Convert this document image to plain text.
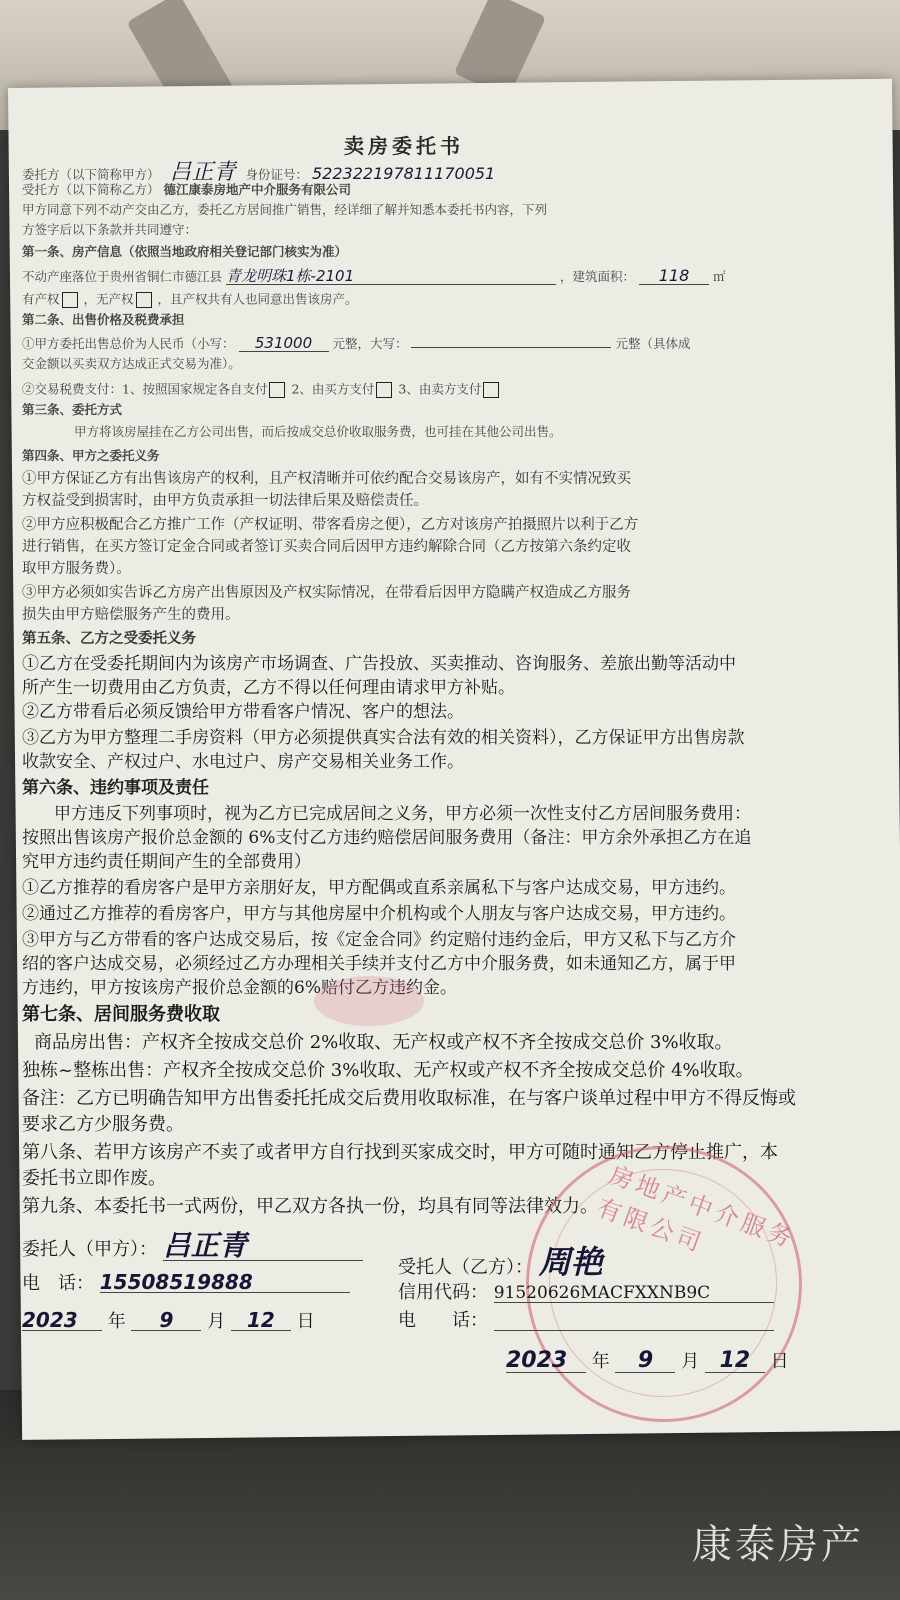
卖房委托书
委托方（以下简称甲方） 吕正青 身份证号： 522322197811170051
受托方（以下简称乙方） 德江康泰房地产中介服务有限公司
甲方同意下列不动产交由乙方，委托乙方居间推广销售，经详细了解并知悉本委托书内容，下列
方签字后以下条款并共同遵守：
第一条、房产信息（依照当地政府相关登记部门核实为准）
不动产座落位于贵州省铜仁市德江县 青龙明珠1栋-2101	，建筑面积： 118 ㎡
有产权 ，无产权 ，且产权共有人也同意出售该房产。
第二条、出售价格及税费承担
①甲方委托出售总价为人民币（小写： 531000 元整，大写：	元整（具体成
交金额以买卖双方达成正式交易为准）。
②交易税费支付：1、按照国家规定各自支付 2、由买方支付 3、由卖方支付
第三条、委托方式
甲方将该房屋挂在乙方公司出售，而后按成交总价收取服务费，也可挂在其他公司出售。
第四条、甲方之委托义务
①甲方保证乙方有出售该房产的权利，且产权清晰并可依约配合交易该房产，如有不实情况致买
方权益受到损害时，由甲方负责承担一切法律后果及赔偿责任。
②甲方应积极配合乙方推广工作（产权证明、带客看房之便），乙方对该房产拍摄照片以利于乙方
进行销售，在买方签订定金合同或者签订买卖合同后因甲方违约解除合同（乙方按第六条约定收
取甲方服务费）。
③甲方必须如实告诉乙方房产出售原因及产权实际情况，在带看后因甲方隐瞒产权造成乙方服务
损失由甲方赔偿服务产生的费用。
第五条、乙方之受委托义务
①乙方在受委托期间内为该房产市场调查、广告投放、买卖推动、咨询服务、差旅出勤等活动中
所产生一切费用由乙方负责，乙方不得以任何理由请求甲方补贴。
②乙方带看后必须反馈给甲方带看客户情况、客户的想法。
③乙方为甲方整理二手房资料（甲方必须提供真实合法有效的相关资料），乙方保证甲方出售房款
收款安全、产权过户、水电过户、房产交易相关业务工作。
第六条、违约事项及责任
甲方违反下列事项时，视为乙方已完成居间之义务，甲方必须一次性支付乙方居间服务费用：
按照出售该房产报价总金额的 6%支付乙方违约赔偿居间服务费用（备注：甲方余外承担乙方在追
究甲方违约责任期间产生的全部费用）
①乙方推荐的看房客户是甲方亲朋好友，甲方配偶或直系亲属私下与客户达成交易，甲方违约。
②通过乙方推荐的看房客户，甲方与其他房屋中介机构或个人朋友与客户达成交易，甲方违约。
③甲方与乙方带看的客户达成交易后，按《定金合同》约定赔付违约金后，甲方又私下与乙方介
绍的客户达成交易，必须经过乙方办理相关手续并支付乙方中介服务费，如未通知乙方，属于甲
方违约，甲方按该房产报价总金额的6%赔付乙方违约金。
第七条、居间服务费收取
商品房出售：产权齐全按成交总价 2%收取、无产权或产权不齐全按成交总价 3%收取。
独栋~整栋出售：产权齐全按成交总价 3%收取、无产权或产权不齐全按成交总价 4%收取。
备注：乙方已明确告知甲方出售委托托成交后费用收取标准，在与客户谈单过程中甲方不得反悔或
要求乙方少服务费。
第八条、若甲方该房产不卖了或者甲方自行找到买家成交时，甲方可随时通知乙方停止推广，本
委托书立即作废。
第九条、本委托书一式两份，甲乙双方各执一份，均具有同等法律效力。 房地产中介服务有限公司
委托人（甲方）： 吕正青
电　话： 15508519888
2023 年 9 月 12 日
受托人（乙方）： 周艳
信用代码： 91520626MACFXXNB9C
电　　话：
2023 年 9 月 12 日
康泰房产
